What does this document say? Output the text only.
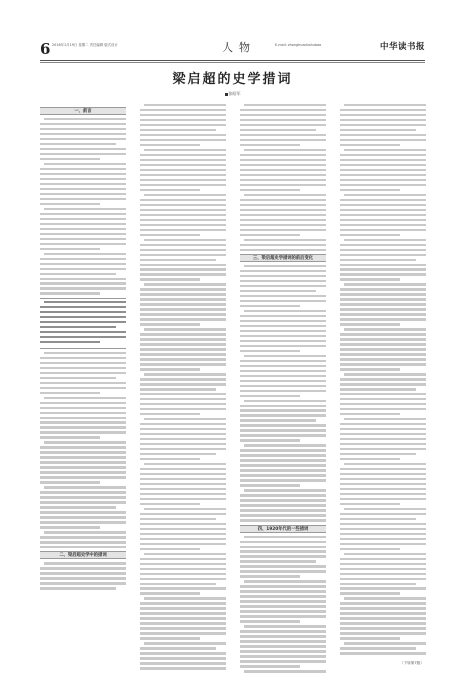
6 2016年1月19日 星期二 责任编辑 版式设计	人物	E-mail: zhonghuadushubao	中华读书报
梁启超的史学措词
张昭军
一、前言
二、梁启超史学中的措词
三、梁启超史学措词的前后变化
四、1920年代的一些措词
（下转第7版）
